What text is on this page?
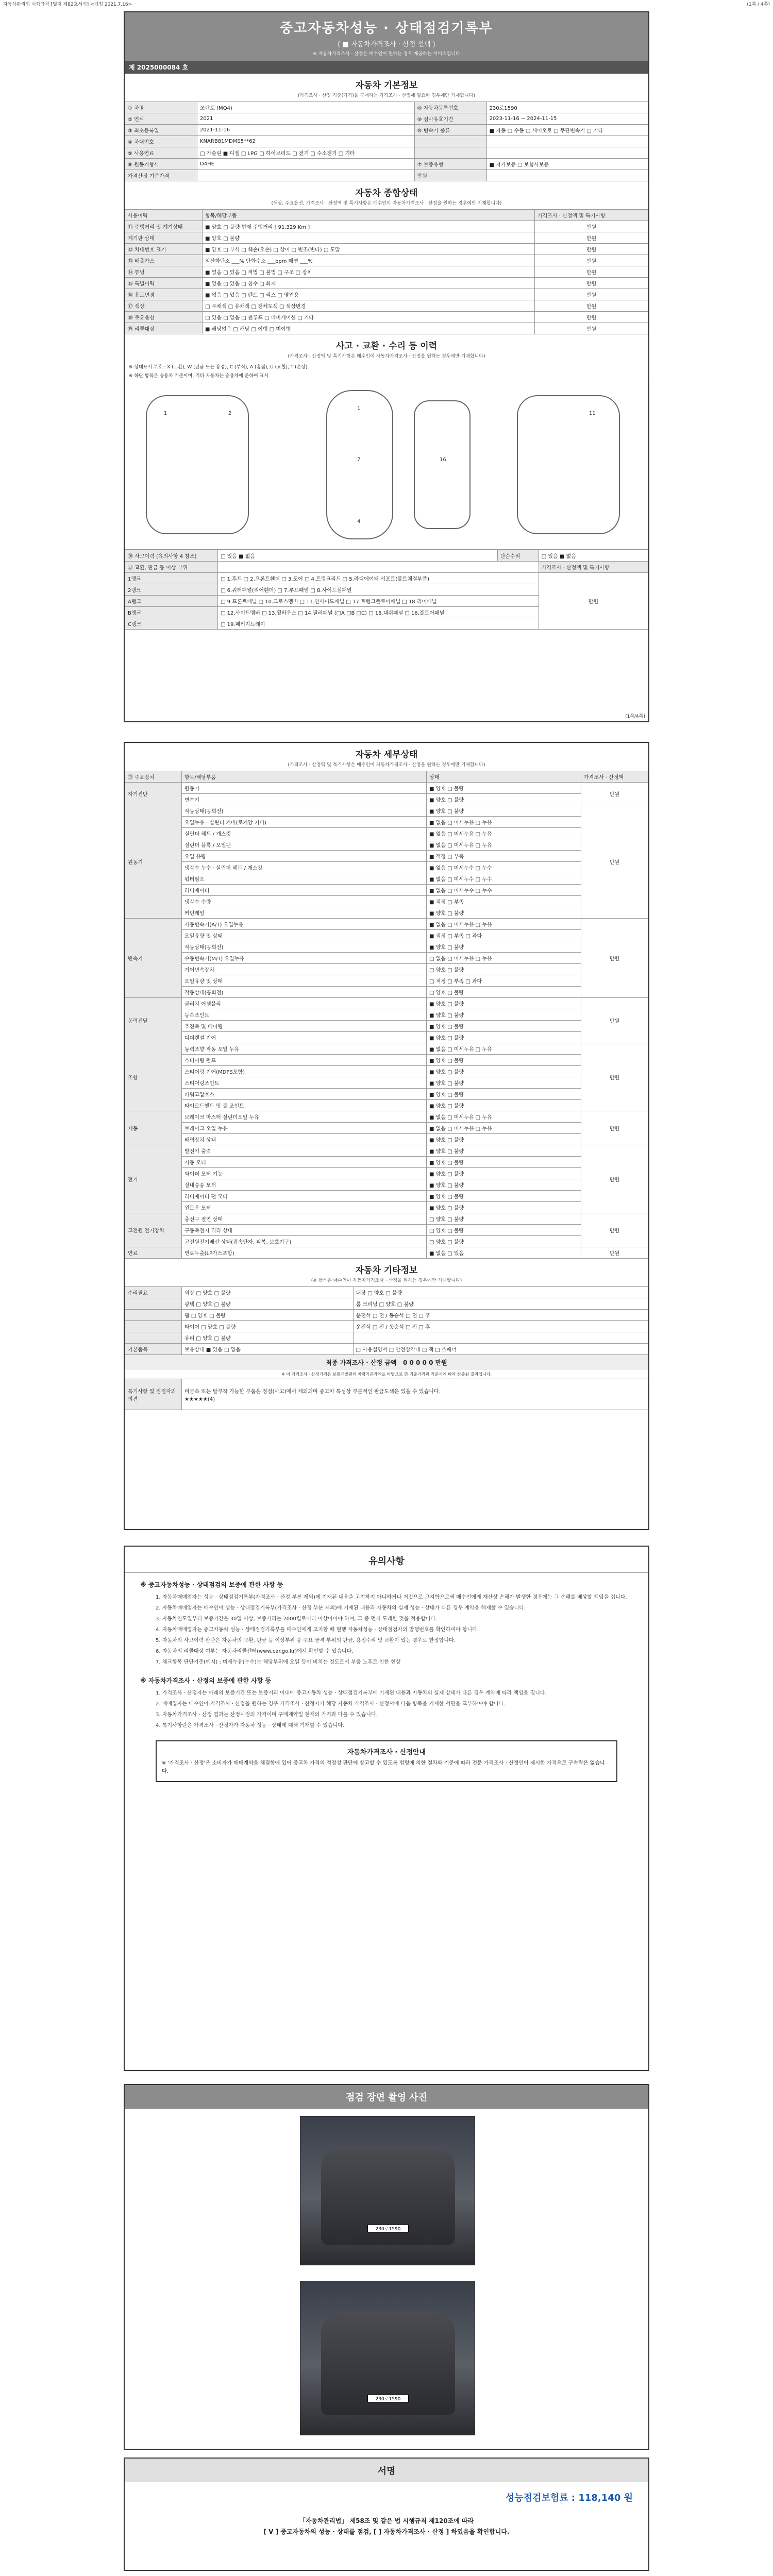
자동차관리법 시행규칙 [별지 제82호서식] <개정 2021.7.16>	(1쪽 / 4쪽)
중고자동차성능 · 상태점검기록부
( ■ 자동차가격조사 · 산정 선택 )
※ 자동차가격조사 · 산정은 매수인이 원하는 경우 제공하는 서비스입니다
제 2025000084 호
자동차 기본정보
(가격조사 · 산정 기준(가격)을 구매자는 가격조사 · 산정에 필요한 경우에만 기재합니다)
① 차명	쏘렌토 (MQ4)	⑧ 자동차등록번호	230로1590
② 연식	2021	⑨ 검사유효기간	2023-11-16 ~ 2024-11-15
③ 최초등록일	2021-11-16	⑩ 변속기 종류	■ 자동 □ 수동 □ 세미오토 □ 무단변속기 □ 기타
④ 차대번호	KNARB81MDMS5**62		
⑤ 사용연료	□ 가솔린 ■ 디젤 □ LPG □ 하이브리드 □ 전기 □ 수소전기 □ 기타		
⑥ 원동기형식	D4HE	⑦ 보증유형	■ 자가보증 □ 보험사보증
가격산정 기준가격		만원	
자동차 종합상태
(색상, 주요옵션, 가격조사 · 산정액 및 특기사항은 매수인이 자동차가격조사 · 산정을 원하는 경우에만 기재합니다)
사용이력	항목/해당부품	가격조사 · 산정액 및 특기사항
⑪ 주행거리 및 계기상태	■ 양호 □ 불량 현재 주행거리 [ 91,329 Km ]	만원
계기판 상태	■ 양호 □ 불량	만원
⑫ 차대번호 표기	■ 양호 □ 부식 □ 훼손(오손) □ 상이 □ 변조(변타) □ 도말	만원
⑬ 배출가스	일산화탄소 ___% 탄화수소 ___ppm 매연 ___%	만원
⑭ 튜닝	■ 없음 □ 있음 □ 적법 □ 불법 □ 구조 □ 장치	만원
⑮ 특별이력	■ 없음 □ 있음 □ 침수 □ 화재	만원
⑯ 용도변경	■ 없음 □ 있음 □ 렌트 □ 리스 □ 영업용	만원
⑰ 색상	□ 무채색 □ 유채색 □ 전체도색 □ 색상변경	만원
⑱ 주요옵션	□ 있음 □ 없음 □ 썬루프 □ 네비게이션 □ 기타	만원
⑲ 리콜대상	■ 해당없음 □ 해당 □ 이행 □ 미이행	만원
사고 · 교환 · 수리 등 이력
(가격조사 · 산정액 및 특기사항은 매수인이 자동차가격조사 · 산정을 원하는 경우에만 기재합니다)
※ 상태표시 부호 : X (교환), W (판금 또는 용접), C (부식), A (흠집), U (요철), T (손상)
※ 하단 항목은 승용차 기준이며, 기타 자동차는 승용차에 준하여 표시
1	2
1
7
4
16
11
⑳ 사고이력 (유의사항 4 참조)	□ 있음 ■ 없음	단순수리	□ 있음 ■ 없음
㉑ 교환, 판금 등 이상 부위			가격조사 · 산정액 및 특기사항
1랭크	□ 1.후드 □ 2.프론트휀더 □ 3.도어 □ 4.트렁크리드 □ 5.라디에이터 서포트(볼트체결부품)		만원
2랭크	□ 6.쿼터패널(리어휀더) □ 7.루프패널 □ 8.사이드실패널		
A랭크	□ 9.프론트패널 □ 10.크로스멤버 □ 11.인사이드패널 □ 17.트렁크플로어패널 □ 18.리어패널		
B랭크	□ 12.사이드멤버 □ 13.휠하우스 □ 14.필러패널 (□A □B □C) □ 15.대쉬패널 □ 16.플로어패널		
C랭크	□ 19.패키지트레이		
(1쪽/4쪽)
자동차 세부상태
(가격조사 · 산정액 및 특기사항은 매수인이 자동차가격조사 · 산정을 원하는 경우에만 기재합니다)
㉒ 주요장치	항목/해당부품	상태	가격조사 · 산정액
자기진단	원동기	■ 양호 □ 불량	만원
	변속기	■ 양호 □ 불량	
원동기	작동상태(공회전)	■ 양호 □ 불량	만원
	오일누유 · 실린더 커버(로커암 커버)	■ 없음 □ 미세누유 □ 누유	
	실린더 헤드 / 개스킷	■ 없음 □ 미세누유 □ 누유	
	실린더 블록 / 오일팬	■ 없음 □ 미세누유 □ 누유	
	오일 유량	■ 적정 □ 부족	
	냉각수 누수 · 실린더 헤드 / 개스킷	■ 없음 □ 미세누수 □ 누수	
	워터펌프	■ 없음 □ 미세누수 □ 누수	
	라디에이터	■ 없음 □ 미세누수 □ 누수	
	냉각수 수량	■ 적정 □ 부족	
	커먼레일	■ 양호 □ 불량	
변속기	자동변속기(A/T) 오일누유	■ 없음 □ 미세누유 □ 누유	만원
	오일유량 및 상태	■ 적정 □ 부족 □ 과다	
	작동상태(공회전)	■ 양호 □ 불량	
	수동변속기(M/T) 오일누유	□ 없음 □ 미세누유 □ 누유	
	기어변속장치	□ 양호 □ 불량	
	오일유량 및 상태	□ 적정 □ 부족 □ 과다	
	작동상태(공회전)	□ 양호 □ 불량	
동력전달	클러치 어셈블리	■ 양호 □ 불량	만원
	등속조인트	■ 양호 □ 불량	
	추진축 및 베어링	■ 양호 □ 불량	
	디퍼렌셜 기어	■ 양호 □ 불량	
조향	동력조향 작동 오일 누유	■ 없음 □ 미세누유 □ 누유	만원
	스티어링 펌프	■ 양호 □ 불량	
	스티어링 기어(MDPS포함)	■ 양호 □ 불량	
	스티어링조인트	■ 양호 □ 불량	
	파워고압호스	■ 양호 □ 불량	
	타이로드엔드 및 볼 조인트	■ 양호 □ 불량	
제동	브레이크 마스터 실린더오일 누유	■ 없음 □ 미세누유 □ 누유	만원
	브레이크 오일 누유	■ 없음 □ 미세누유 □ 누유	
	배력장치 상태	■ 양호 □ 불량	
전기	발전기 출력	■ 양호 □ 불량	만원
	시동 모터	■ 양호 □ 불량	
	와이퍼 모터 기능	■ 양호 □ 불량	
	실내송풍 모터	■ 양호 □ 불량	
	라디에이터 팬 모터	■ 양호 □ 불량	
	윈도우 모터	■ 양호 □ 불량	
고전원 전기장치	충전구 절연 상태	□ 양호 □ 불량	만원
	구동축전지 격리 상태	□ 양호 □ 불량	
	고전원전기배선 상태(접속단자, 피복, 보호기구)	□ 양호 □ 불량	
연료	연료누출(LP가스포함)	■ 없음 □ 있음	만원
자동차 기타정보
(※ 항목은 매수인이 자동차가격조사 · 산정을 원하는 경우에만 기재합니다)
수리필요	외장 □ 양호 □ 불량	내장 □ 양호 □ 불량
	광택 □ 양호 □ 불량	룸 크리닝 □ 양호 □ 불량
	휠 □ 양호 □ 불량	운전석 □ 전 / 동승석 □ 전 □ 후
	타이어 □ 양호 □ 불량	운전석 □ 전 / 동승석 □ 전 □ 후
	유리 □ 양호 □ 불량	
기본품목	보유상태 ■ 있음 □ 없음	□ 사용설명서 □ 안전삼각대 □ 잭 □ 스패너
최종 가격조사 · 산정 금액 0 0 0 0 0 만원
※ 이 가격조사 · 산정가격은 보험개발원의 차량기준가액을 바탕으로 한 기준가격과 기준서에 따라 산출된 결과입니다.
특기사항 및 점검자의 의견	
비금속 또는 탈부착 가능한 부품은 점검(사고)에서 제외되며 중고차 특성상 부분적인 판금도색은 있을 수 있습니다.
★★★★★(4)
유의사항
※ 중고자동차성능 · 상태점검의 보증에 관한 사항 등
1. 자동차매매업자는 성능 · 상태점검기록부(가격조사 · 산정 부분 제외)에 기재된 내용을 고지하지 아니하거나 거짓으로 고지함으로써 매수인에게 재산상 손해가 발생한 경우에는 그 손해를 배상할 책임을 집니다.
2. 자동차매매업자는 매수인이 성능 · 상태점검기록부(가격조사 · 산정 부분 제외)에 기재된 내용과 자동차의 실제 성능 · 상태가 다른 경우 계약을 해제할 수 있습니다.
3. 자동차인도일부터 보증기간은 30일 이상, 보증거리는 2000킬로미터 이상이어야 하며, 그 중 먼저 도래한 것을 적용합니다.
4. 자동차매매업자는 중고자동차 성능 · 상태점검기록부를 매수인에게 고지할 때 현행 자동차성능 · 상태점검자의 발행번호를 확인하여야 합니다.
5. 자동차의 사고이력 판단은 자동차의 교환, 판금 등 이상부위 중 주요 골격 부위의 판금, 용접수리 및 교환이 있는 경우로 한정합니다.
6. 자동차의 리콜대상 여부는 자동차리콜센터(www.car.go.kr)에서 확인할 수 있습니다.
7. 체크항목 판단기준(예시) : 미세누유(누수)는 해당부위에 오일 등이 비치는 정도로서 부품 노후로 인한 현상
※ 자동차가격조사 · 산정의 보증에 관한 사항 등
1. 가격조사 · 산정자는 아래의 보증기간 또는 보증거리 이내에 중고자동차 성능 · 상태점검기록부에 기재된 내용과 자동차의 실제 상태가 다른 경우 계약에 따라 책임을 집니다.
2. 매매업자는 매수인이 가격조사 · 산정을 원하는 경우 가격조사 · 산정자가 해당 자동차 가격조사 · 산정서에 다음 항목을 기재한 서면을 교부하여야 합니다.
3. 자동차가격조사 · 산정 결과는 산정시점의 가격이며 구매계약일 현재의 가격과 다를 수 있습니다.
4. 특기사항란은 가격조사 · 산정자가 자동차 성능 · 상태에 대해 기재할 수 있습니다.
자동차가격조사 · 산정안내
※ '가격조사 · 산정'은 소비자가 매매계약을 체결함에 있어 중고차 가격의 적정성 판단에 참고할 수 있도록 법령에 의한 절차와 기준에 따라 전문 가격조사 · 산정인이 제시한 가격으로 구속력은 없습니다.
점검 장면 촬영 사진
230로1590
230로1590
서명
성능점검보험료 : 118,140 원
「자동차관리법」 제58조 및 같은 법 시행규칙 제120조에 따라
[ V ] 중고자동차의 성능 · 상태를 점검, [ ] 자동차가격조사 · 산정 ] 하였음을 확인합니다.
